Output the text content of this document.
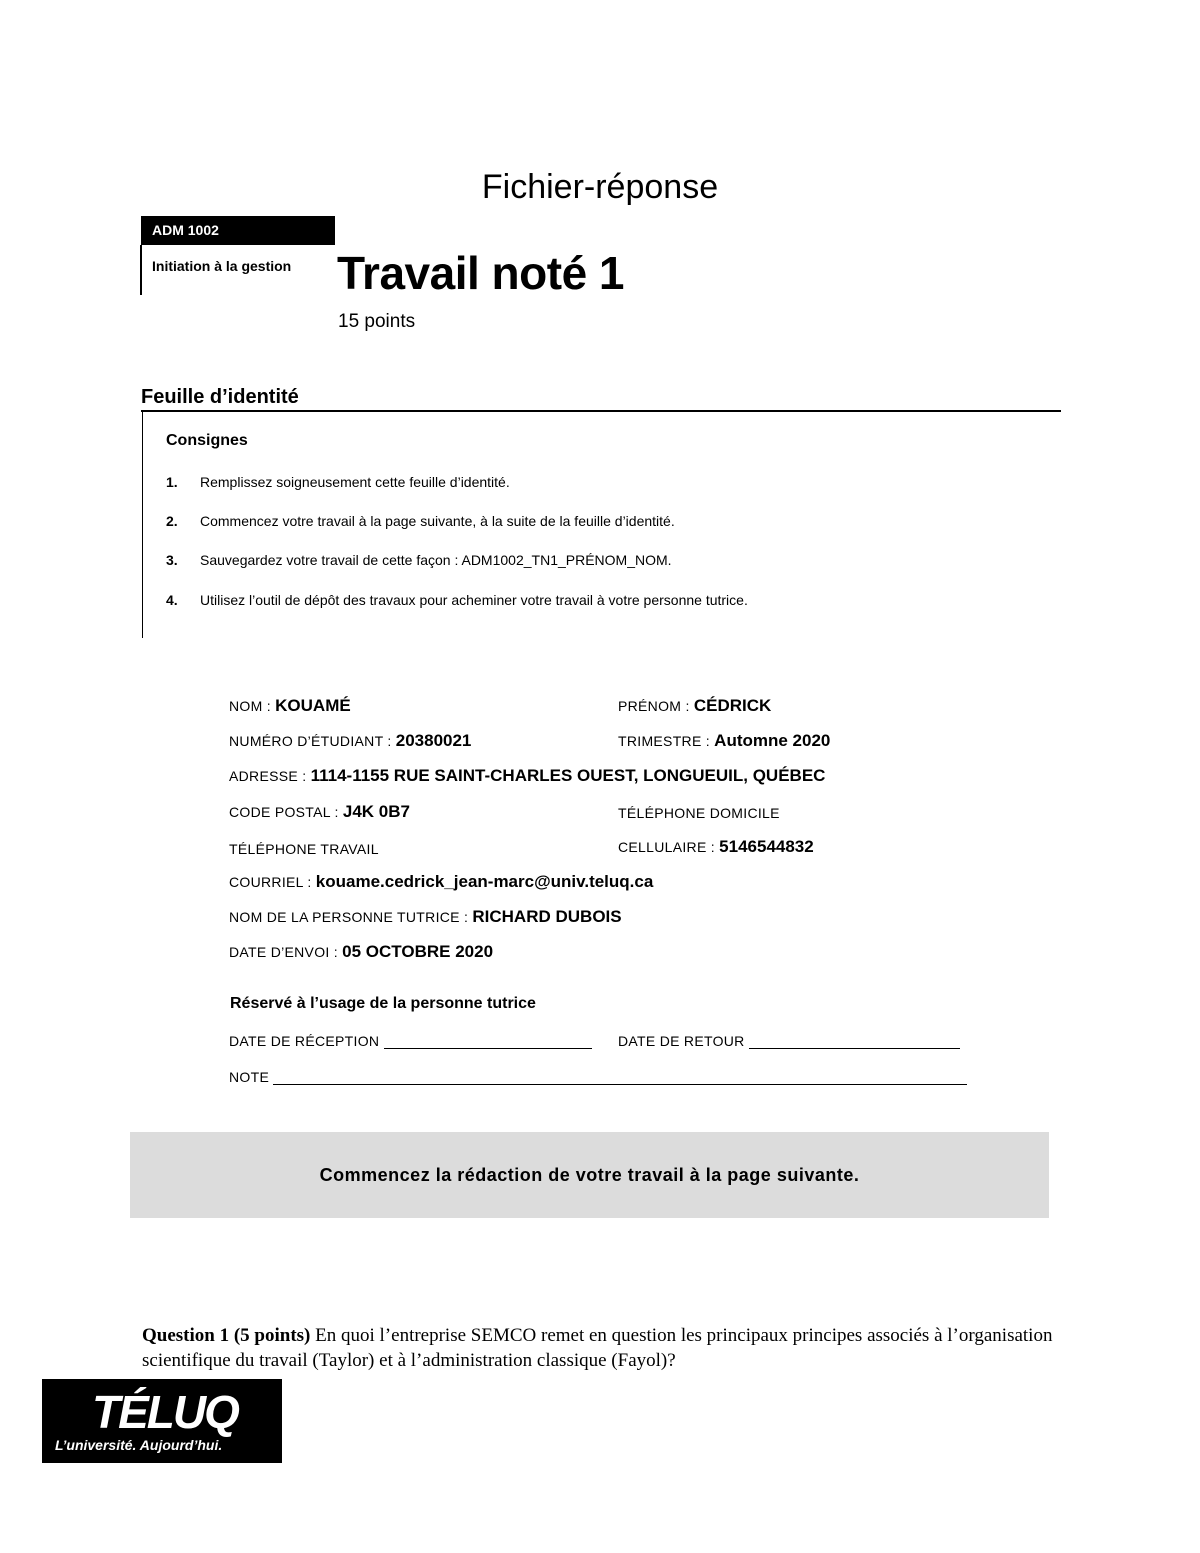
Fichier-réponse
ADM 1002
Initiation à la gestion Travail noté 1
15 points
Feuille d’identité
Consignes
1. Remplissez soigneusement cette feuille d’identité.
2. Commencez votre travail à la page suivante, à la suite de la feuille d’identité.
3. Sauvegardez votre travail de cette façon : ADM1002_TN1_PRÉNOM_NOM.
4. Utilisez l’outil de dépôt des travaux pour acheminer votre travail à votre personne tutrice.
NOM : KOUAMÉ	PRÉNOM : CÉDRICK
NUMÉRO D’ÉTUDIANT : 20380021	TRIMESTRE : Automne 2020
ADRESSE : 1114-1155 RUE SAINT-CHARLES OUEST, LONGUEUIL, QUÉBEC
CODE POSTAL : J4K 0B7	TÉLÉPHONE DOMICILE
TÉLÉPHONE TRAVAIL	CELLULAIRE : 5146544832
COURRIEL : kouame.cedrick_jean-marc@univ.teluq.ca
NOM DE LA PERSONNE TUTRICE : RICHARD DUBOIS
DATE D’ENVOI : 05 OCTOBRE 2020
Réservé à l’usage de la personne tutrice
DATE DE RÉCEPTION	DATE DE RETOUR
NOTE
Commencez la rédaction de votre travail à la page suivante.
Question 1 (5 points) En quoi l’entreprise SEMCO remet en question les principaux principes associés à l’organisation scientifique du travail (Taylor) et à l’administration classique (Fayol)?
TÉLUQ
L’université. Aujourd’hui.
